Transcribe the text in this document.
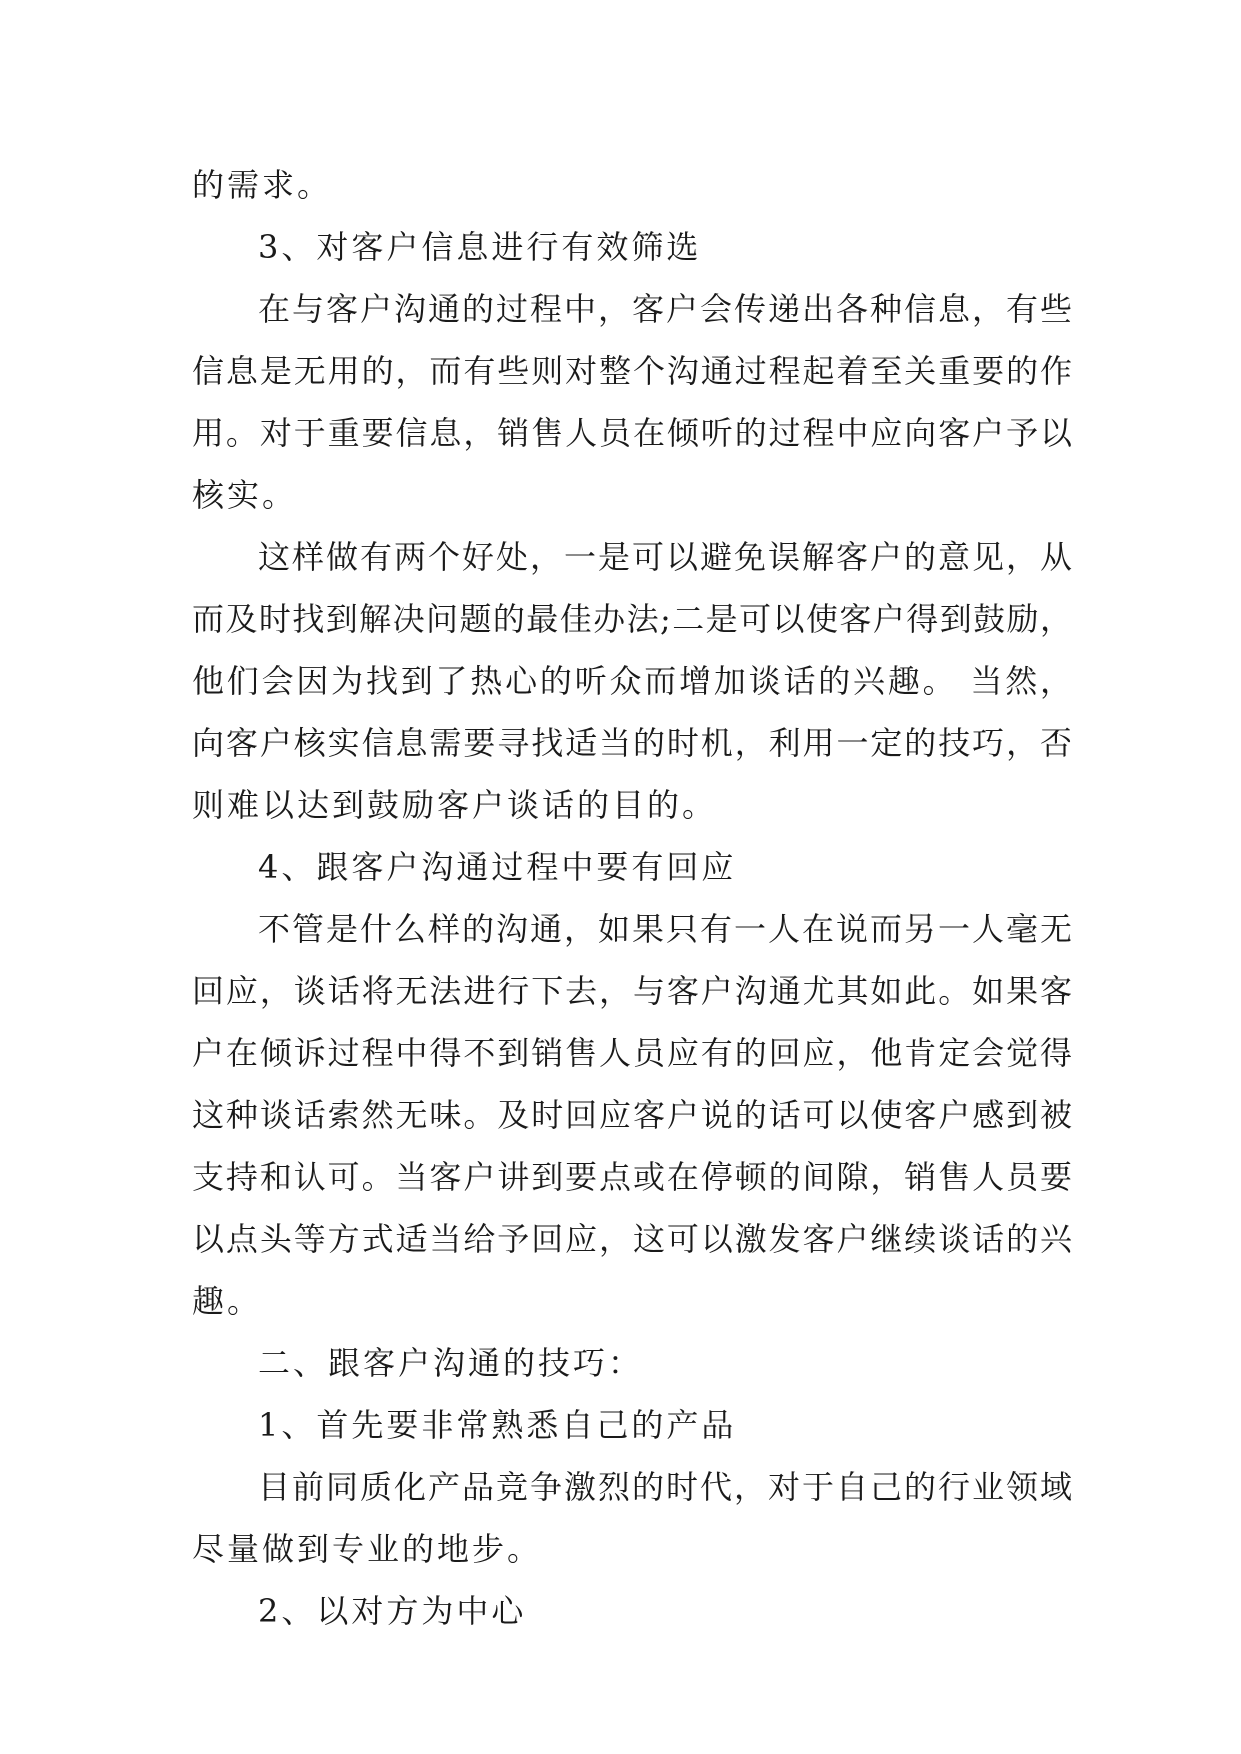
的需求。
3、对客户信息进行有效筛选
在与客户沟通的过程中，客户会传递出各种信息，有些
信息是无用的，而有些则对整个沟通过程起着至关重要的作
用。对于重要信息，销售人员在倾听的过程中应向客户予以
核实。
这样做有两个好处，一是可以避免误解客户的意见，从
而及时找到解决问题的最佳办法;二是可以使客户得到鼓励，
他们会因为找到了热心的听众而增加谈话的兴趣。 当然，
向客户核实信息需要寻找适当的时机，利用一定的技巧，否
则难以达到鼓励客户谈话的目的。
4、跟客户沟通过程中要有回应
不管是什么样的沟通，如果只有一人在说而另一人毫无
回应，谈话将无法进行下去，与客户沟通尤其如此。如果客
户在倾诉过程中得不到销售人员应有的回应，他肯定会觉得
这种谈话索然无味。及时回应客户说的话可以使客户感到被
支持和认可。当客户讲到要点或在停顿的间隙，销售人员要
以点头等方式适当给予回应，这可以激发客户继续谈话的兴
趣。
二、跟客户沟通的技巧：
1、首先要非常熟悉自己的产品
目前同质化产品竞争激烈的时代，对于自己的行业领域
尽量做到专业的地步。
2、以对方为中心
